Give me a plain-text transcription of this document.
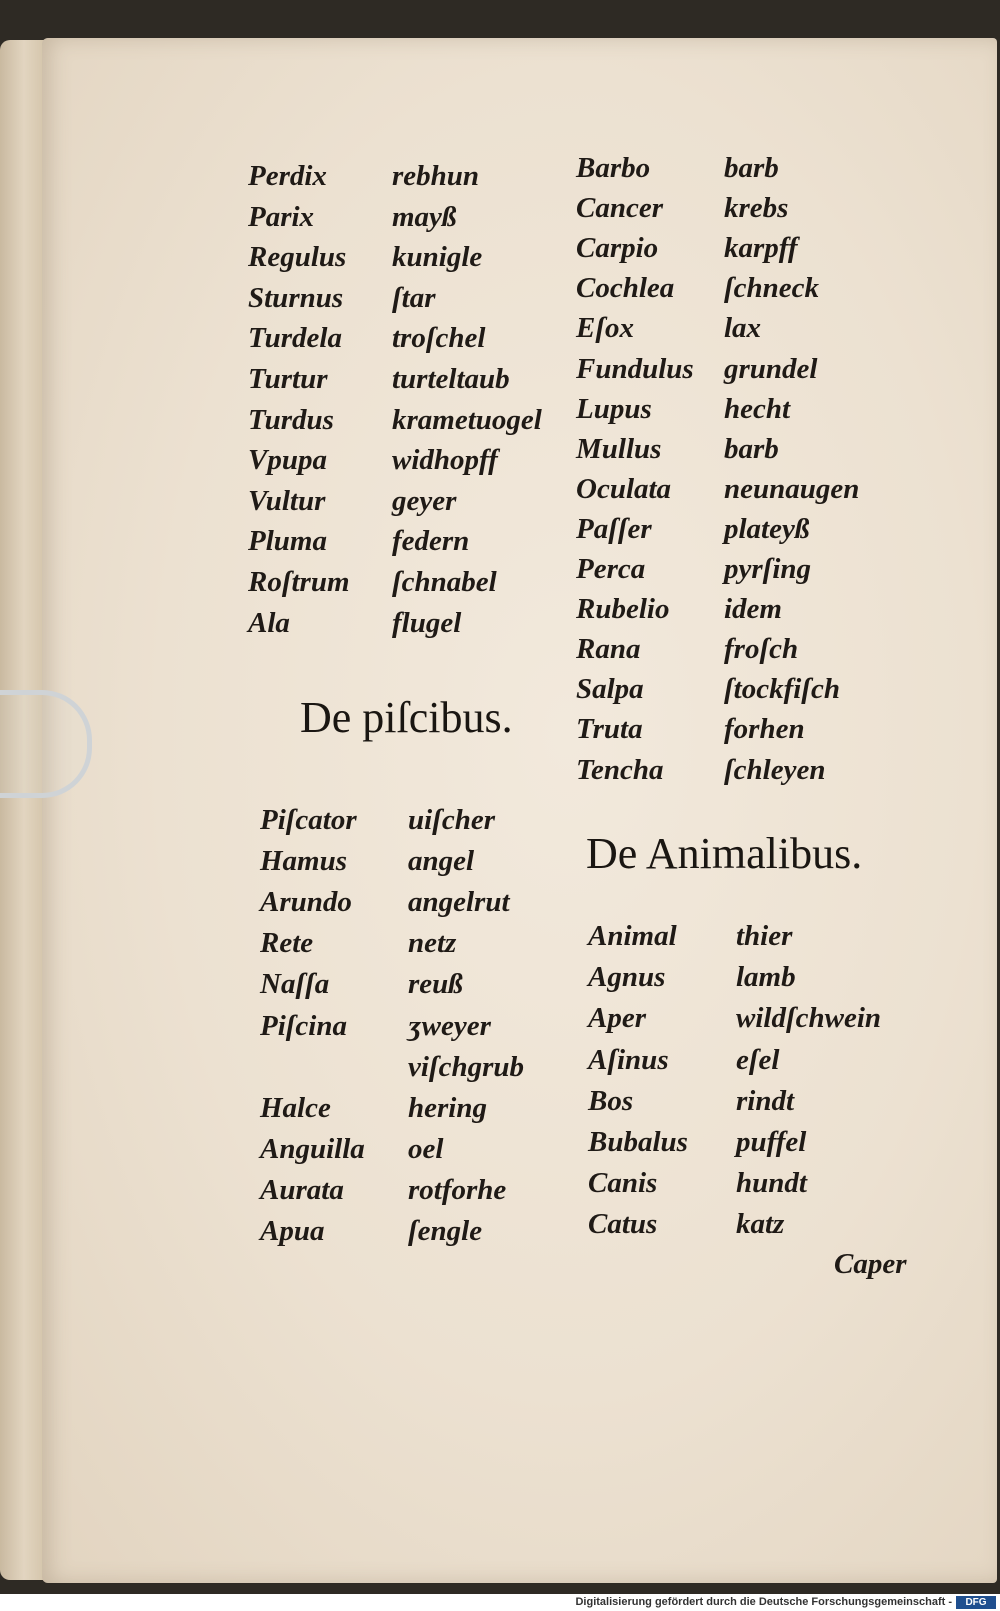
Perdix rebhun
Parix	mayß
Regulus kunigle
Sturnus ſtar
Turdela troſchel
Turtur turteltaub
Turdus krametuogel
Vpupa widhopff
Vultur geyer
Pluma federn
Roſtrum ſchnabel
Ala	flugel
Piſcator uiſcher
Hamus angel
Arundo angelrut
Rete	netz
Naſſa	reuß
Piſcina ʒweyer
viſchgrub
Halce	hering
Anguilla oel
Aurata rotforhe
Apua	ſengle
Barbo	barb
Cancer krebs
Carpio karpff
Cochlea ſchneck
Eſox	lax
Fundulus grundel
Lupus hecht
Mullus barb
Oculata neunaugen
Paſſer plateyß
Perca	pyrſing
Rubelio idem
Rana	froſch
Salpa	ſtockfiſch
Truta	forhen
Tencha ſchleyen
Animal thier
Agnus lamb
Aper	wildſchwein
Aſinus eſel
Bos	rindt
Bubalus puffel
Canis	hundt
Catus	katz
De piſcibus.
De Animalibus.
Caper
Digitalisierung gefördert durch die Deutsche Forschungsgemeinschaft -	DFG
